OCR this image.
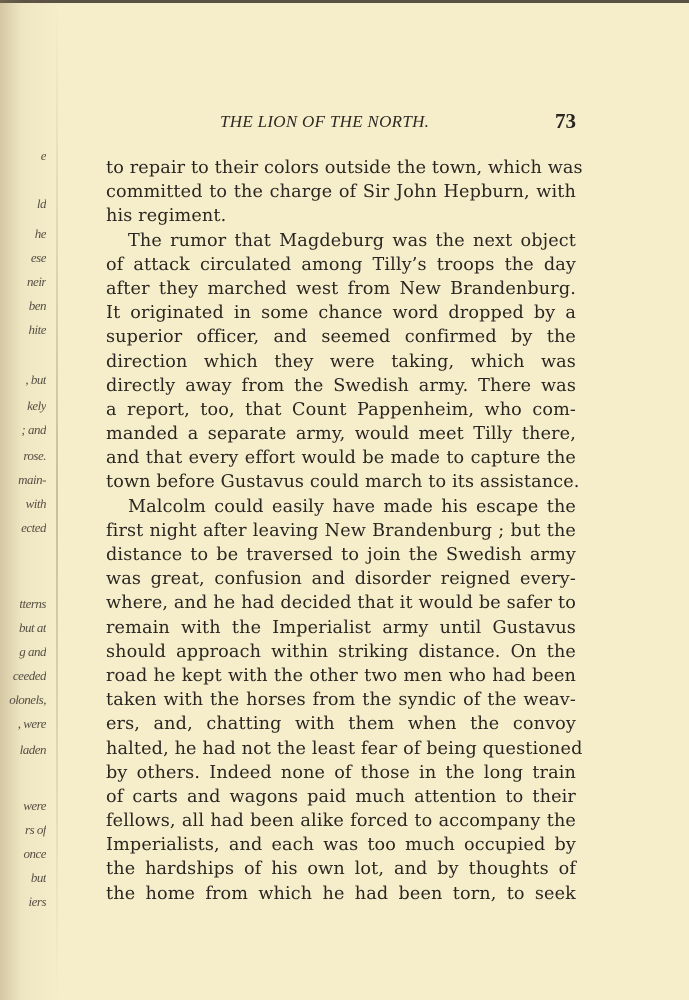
e
ld
he
ese
neir
ben
hite
, but
kely
; and
rose.
main-
with
ected
tterns
but at
g and
ceeded
olonels,
, were
laden
were
rs of
once
but
iers
THE LION OF THE NORTH.	73
to repair to their colors outside the town, which was
committed to the charge of Sir John Hepburn, with
his regiment.
The rumor that Magdeburg was the next object
of attack circulated among Tilly’s troops the day
after they marched west from New Brandenburg.
It originated in some chance word dropped by a
superior officer, and seemed confirmed by the
direction which they were taking, which was
directly away from the Swedish army. There was
a report, too, that Count Pappenheim, who com-
manded a separate army, would meet Tilly there,
and that every effort would be made to capture the
town before Gustavus could march to its assistance.
Malcolm could easily have made his escape the
first night after leaving New Brandenburg ; but the
distance to be traversed to join the Swedish army
was great, confusion and disorder reigned every-
where, and he had decided that it would be safer to
remain with the Imperialist army until Gustavus
should approach within striking distance. On the
road he kept with the other two men who had been
taken with the horses from the syndic of the weav-
ers, and, chatting with them when the convoy
halted, he had not the least fear of being questioned
by others. Indeed none of those in the long train
of carts and wagons paid much attention to their
fellows, all had been alike forced to accompany the
Imperialists, and each was too much occupied by
the hardships of his own lot, and by thoughts of
the home from which he had been torn, to seek
